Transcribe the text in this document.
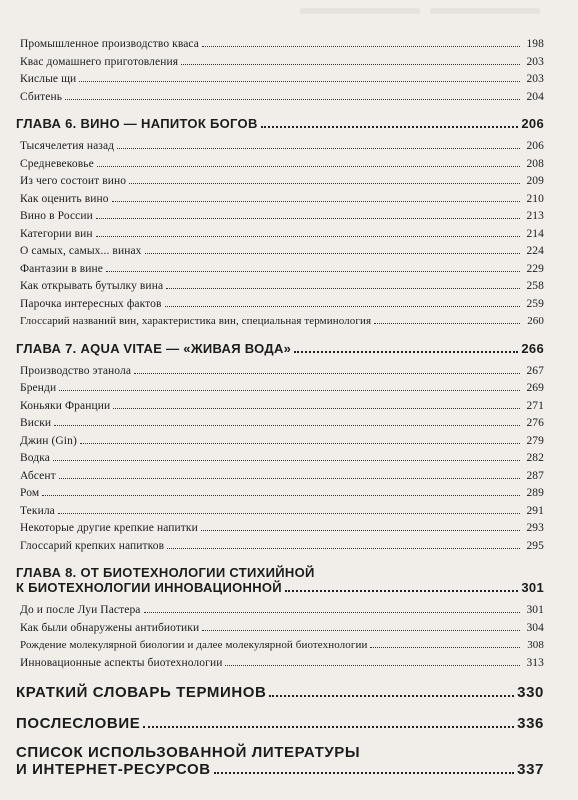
Промышленное производство кваса	198
Квас домашнего приготовления	203
Кислые щи	203
Сбитень	204
ГЛАВА 6. ВИНО — НАПИТОК БОГОВ	206
Тысячелетия назад	206
Средневековье	208
Из чего состоит вино	209
Как оценить вино	210
Вино в России	213
Категории вин	214
О самых, самых... винах	224
Фантазии в вине	229
Как открывать бутылку вина	258
Парочка интересных фактов	259
Глоссарий названий вин, характеристика вин, специальная терминология	260
ГЛАВА 7. AQUA VITAE — «ЖИВАЯ ВОДА»	266
Производство этанола	267
Бренди	269
Коньяки Франции	271
Виски	276
Джин (Gin)	279
Водка	282
Абсент	287
Ром	289
Текила	291
Некоторые другие крепкие напитки	293
Глоссарий крепких напитков	295
ГЛАВА 8. ОТ БИОТЕХНОЛОГИИ СТИХИЙНОЙ
К БИОТЕХНОЛОГИИ ИННОВАЦИОННОЙ	301
До и после Луи Пастера	301
Как были обнаружены антибиотики	304
Рождение молекулярной биологии и далее молекулярной биотехнологии	308
Инновационные аспекты биотехнологии	313
КРАТКИЙ СЛОВАРЬ ТЕРМИНОВ	330
ПОСЛЕСЛОВИЕ	336
СПИСОК ИСПОЛЬЗОВАННОЙ ЛИТЕРАТУРЫ
И ИНТЕРНЕТ-РЕСУРСОВ	337
